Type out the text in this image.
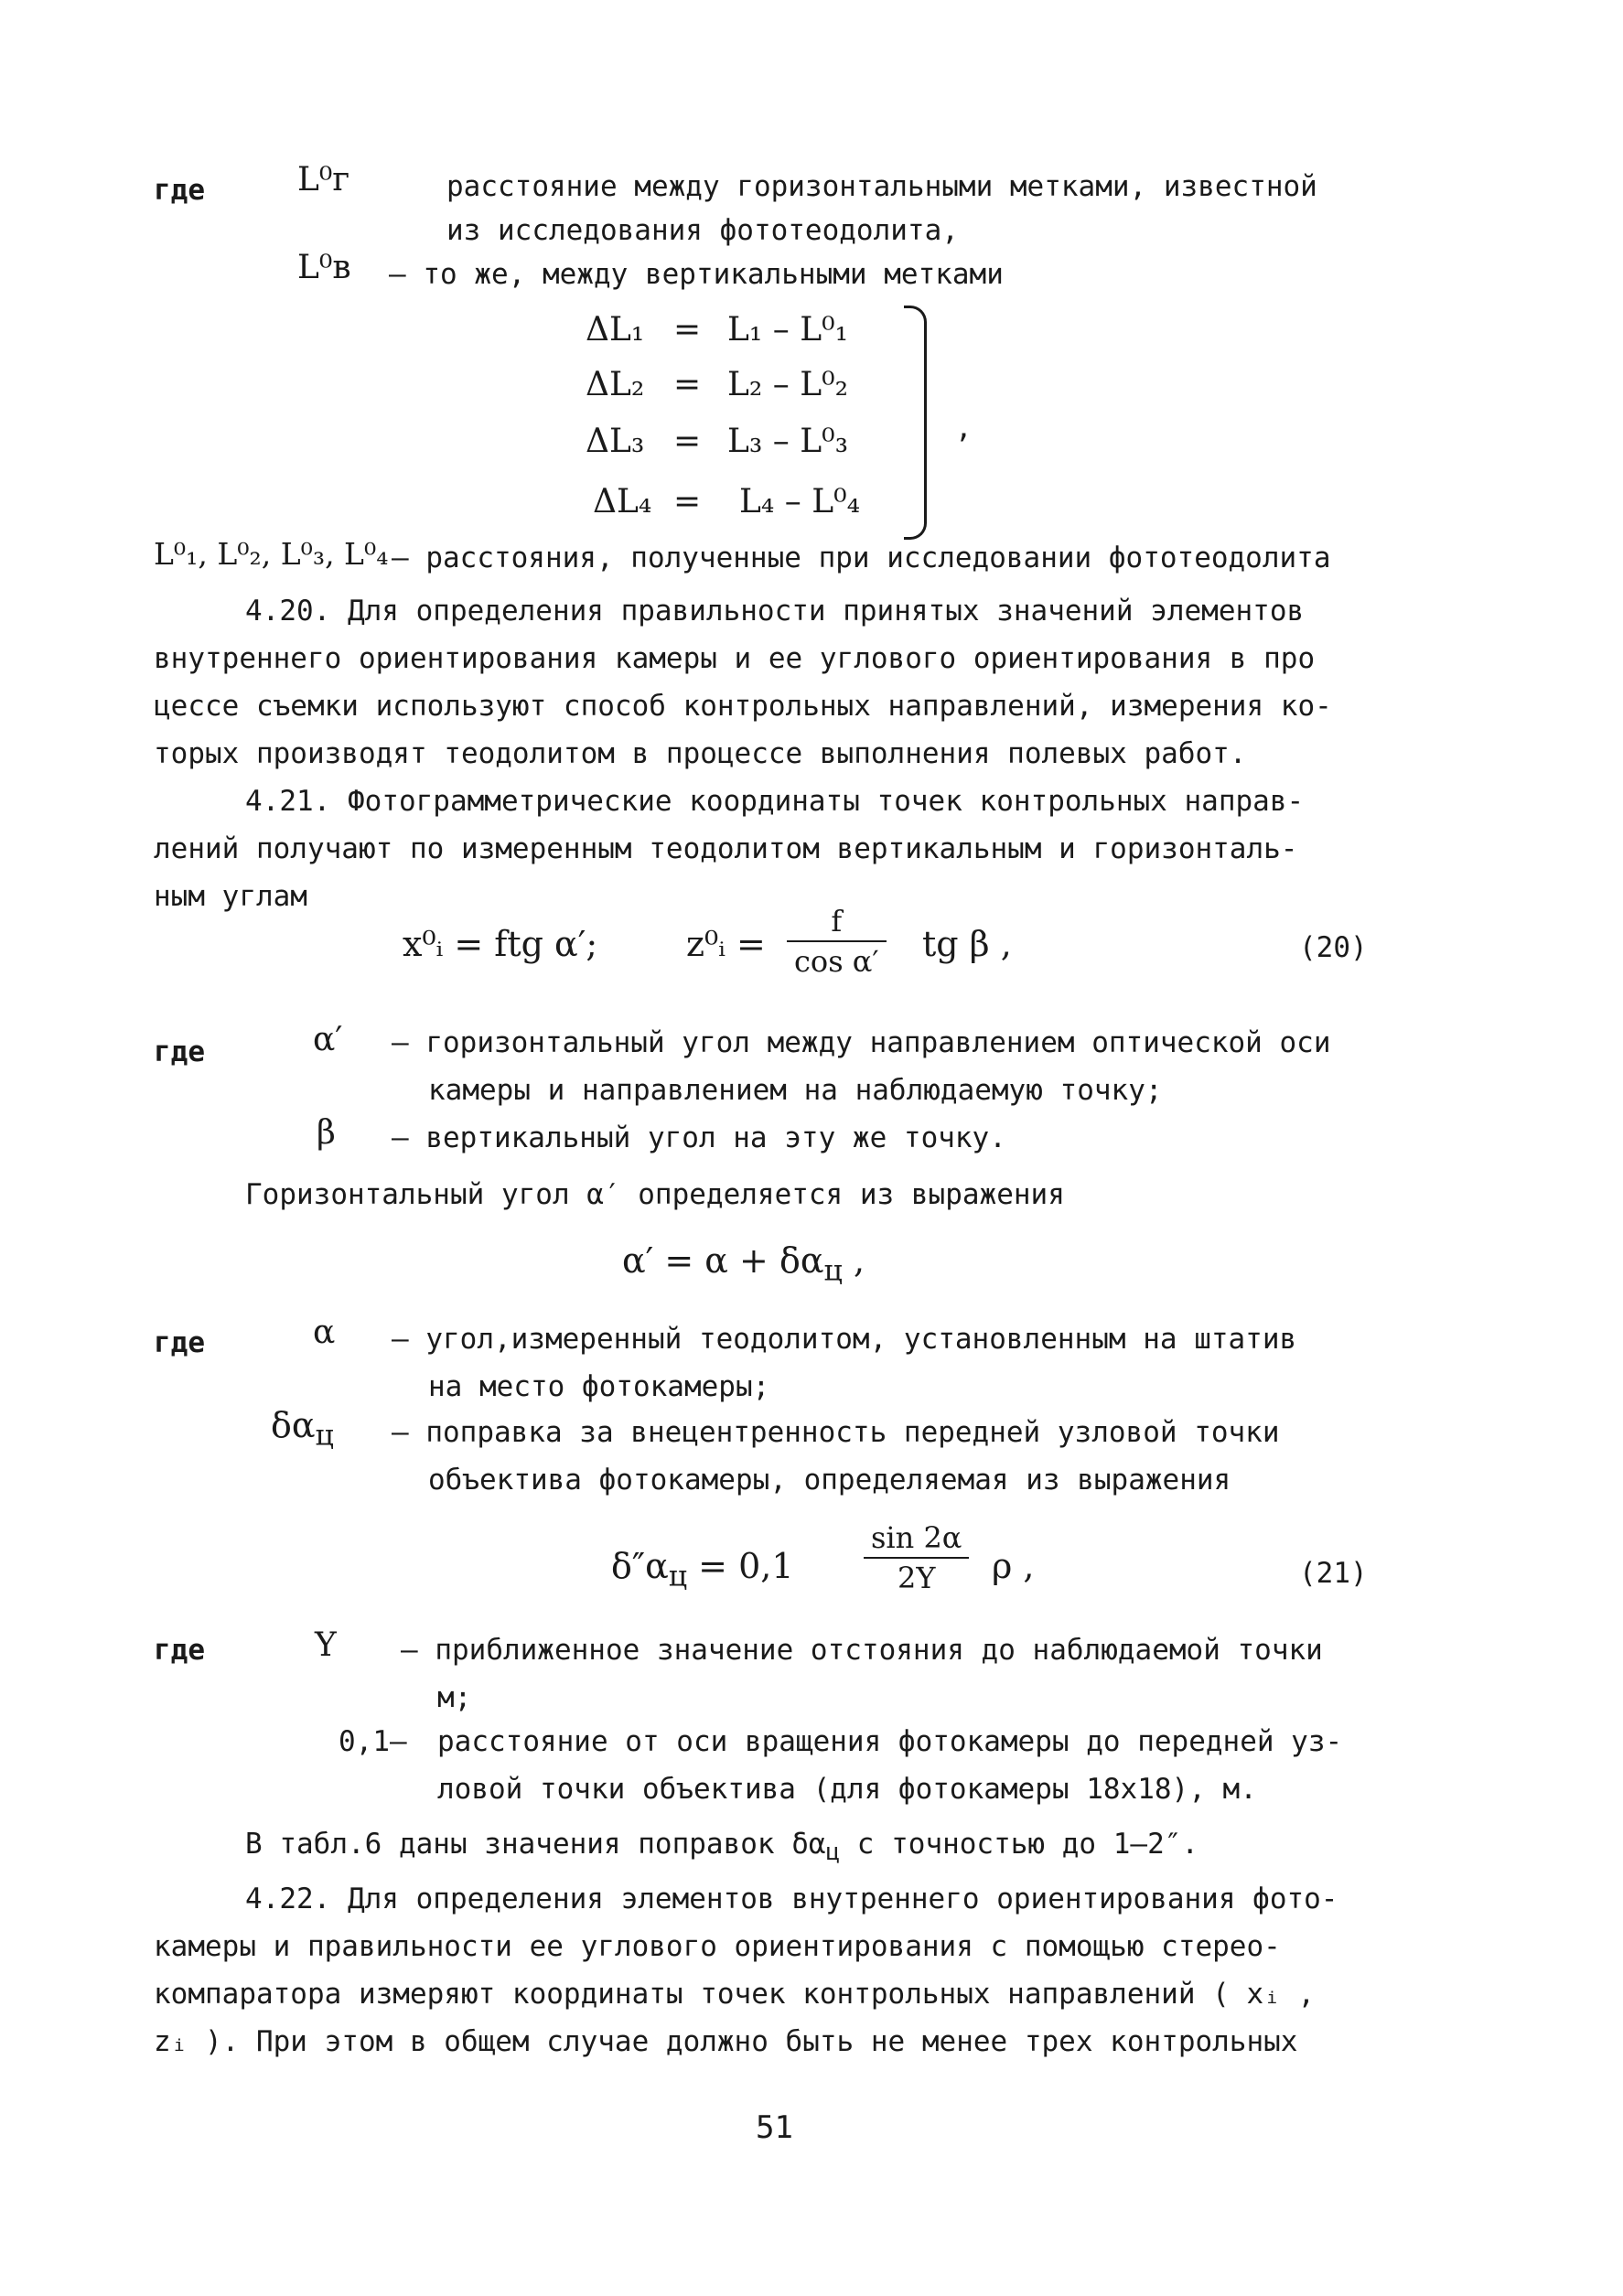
где	L⁰г	расстояние между горизонтальными метками, известной
из исследования фототеодолита,
L⁰в – то же, между вертикальными метками
ΔL₁ = L₁ – L⁰₁
ΔL₂ = L₂ – L⁰₂
ΔL₃ = L₃ – L⁰₃
ΔL₄ = L₄ – L⁰₄
,
L⁰₁, L⁰₂, L⁰₃, L⁰₄ – расстояния, полученные при исследовании фототеодолита
4.20. Для определения правильности принятых значений элементов
внутреннего ориентирования камеры и ее углового ориентирования в про
цессе съемки используют способ контрольных направлений, измерения ко-
торых производят теодолитом в процессе выполнения полевых работ.
4.21. Фотограмметрические координаты точек контрольных направ-
лений получают по измеренным теодолитом вертикальным и горизонталь-
ным углам
x⁰ᵢ = ftg α′;	z⁰ᵢ = $\frac{f}{\text{cos α′}}$ tg β ,	(20)
где	α′ – горизонтальный угол между направлением оптической оси
камеры и направлением на наблюдаемую точку;
β – вертикальный угол на эту же точку.
Горизонтальный угол α′ определяется из выражения
$\alpha' = \alpha + \delta\alpha_ц$ ,
где	α – угол,измеренный теодолитом, установленным на штатив
на место фотокамеры;
$\delta\alpha_ц$ – поправка за внецентренность передней узловой точки
объектива фотокамеры, определяемая из выражения
$\delta''\alpha_ц = 0,1 \frac{\sin 2\alpha}{2Y}$ ρ ,	(21)
где	Y – приближенное значение отстояния до наблюдаемой точки
м;
0,1– расстояние от оси вращения фотокамеры до передней уз-
ловой точки объектива (для фотокамеры 18х18), м.
В табл.6 даны значения поправок $\delta\alpha_ц$ с точностью до 1–2″.
4.22. Для определения элементов внутреннего ориентирования фото-
камеры и правильности ее углового ориентирования с помощью стерео-
компаратора измеряют координаты точек контрольных направлений ( xᵢ ,
zᵢ ). При этом в общем случае должно быть не менее трех контрольных
51
